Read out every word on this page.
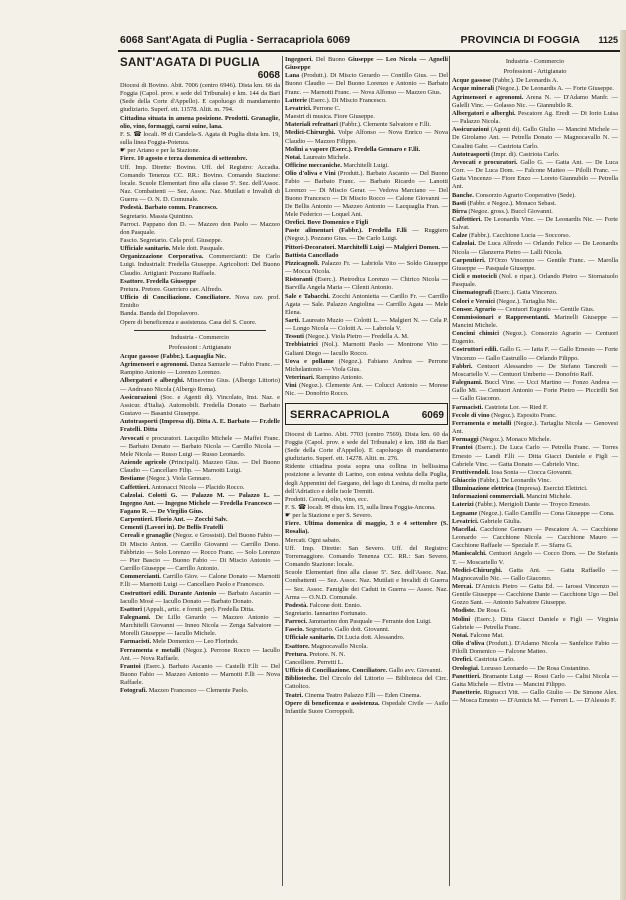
6068 Sant'Agata di Puglia - Serracapriola 6069	PROVINCIA DI FOGGIA 1125
SANT'AGATA DI PUGLIA
6068

Diocesi di Bovino. Abit. 7006 (centro 6946). Dista km. 66 da Foggia (Capol. prov. e sede del Tribunale) e km. 144 da Bari (Sede della Corte d'Appello). E capoluogo di mandamento giudiziario. Superf. ett. 11578. Altit. m. 794.

Cittadina situata in amena posizione. Prodotti. Granaglie, olio, vino, formaggi, carni suine, lana.

F. S. ☎ locali. ✉ di Candela-S. Agata di Puglia dista km. 19, sulla linea Foggia-Potenza.

☛ per Ariano e per la Stazione.

Fiere. 10 agosto e terza domenica di settembre.

Uff. Imp. Dirette: Bovino. Uff. del Registro: Accadia. Comando Tenenza CC. RR.: Bovino. Comando Stazione: locale. Scuole Elementari fino alla classe 5ª. Sez. dell'Assoc. Naz. Combattenti — Sez. Assoc. Naz. Mutilati e Invalidi di Guerra — O. N. D. Comunale.

Podestà. Barbato comm. Francesco.

Segretario. Massia Quintino.

Parroci. Pappano don D. — Mazzeo don Paolo — Mazzeo don Pasquale.

Fascio. Segretario. Cela prof. Giuseppe.

Ufficiale sanitario. Mele dott. Pasquale.

Organizzazione Corporativa. Commercianti: De Carlo Luigi. Industriali: Fredella Giuseppe. Agricoltori: Del Buono Claudio. Artigiani: Pozzano Raffaele.

Esattore. Fredella Giuseppe

Pretura. Pretore. Guerriero cav. Alfredo.

Ufficio di Conciliazione. Conciliatore. Nova cav. prof. Emidio

Banda. Banda del Dopolavoro.

Opere di beneficenza e assistenza. Casa del S. Cuore.

Industria - Commercio

Professioni : Artigianato

Acque gassose (Fabbr.). Laquaglia Nic.

Agrimensori e agronomi. Danza Samuele — Fabio Franc. — Rampino Antonio — Lorenzo Lorenzo.

Albergatori e alberghi. Minervino Gius. (Albergo Littorio) — Andreano Nicola (Albergo Roma).

Assicurazioni (Soc. e Agenti di). Vincolato, Inst. Naz. e Assicur. d'Italia). Automobili. Fredella Donato — Barbato Gustavo — Basanisi Giuseppe.

Autotrasporti (Impresa di). Ditta A. E. Barbato — Fr.delle Fratelli. Ditta

Avvocati e procuratori. Lacquilio Michele — Maffei Franc. — Barbato Donato — Barbato Nicola — Carrillo Nicola — Mele Nicola — Russo Luigi — Russo Leonardo.

Aziende agricole (Principali). Mazzeo Gius. — Del Buono Claudio — Cancellaro Filip. — Marnotti Luigi.

Bestiame (Negoz.). Viola Gennaro.

Caffettieri. Antonacci Nicola — Placido Rocco.

Calzolai. Colotti G. — Palazzo M. — Palazzo L. — Ingegno Ant. — Ingegno Michele — Fredella Francesco — Fagano R. — De Virgilio Gius.

Carpentieri. Florio Ant. — Zocchi Salv.

Cementi (Lavori in). De Bellis Fratelli

Cereali e granaglie (Negoz. e Grossisti). Del Buono Fabio — Di Miscio Anton. — Carrillo Giovanni — Carrillo Dono. Fabbrizio — Solo Lorenzo — Rocco Franc. — Solo Lorenzo — Pier Bascio — Buono Fabio — Di Miscio Antonio — Carrillo Giuseppe — Carrillo Antonio.

Commercianti. Carrillo Giov. — Calone Donato — Marnotti F.lli — Marnotti Luigi — Cancellaro Paolo e Francesco.

Costruttori edili. Durante Antonio — Barbato Ascanio — Iacullo Mosè — Iacullo Donato — Barbato Donato.

Esattori (Appalt., artic. e fornit. per). Fredella Ditta.

Falegnami. De Lillo Gerardo — Mazzeo Antonio — Marchitelli Giovanni — Inneo Nicola — Zenga Salvatore — Morelli Giuseppe — Iacullo Michele.

Farmacisti. Mele Domenico — Leo Florindo.

Ferramenta e metalli (Negoz.). Perrone Rocco — Iacullo Ant. — Nova Raffaele.

Frantoi (Eserc.). Barbato Ascanio — Castelli F.lli — Del Buono Fabio — Mazzeo Antonio — Marnotti F.lli — Nova Raffaele.

Fotografi. Mazzeo Francesco — Clemente Paolo.

Ingegneri. Del Buono Giuseppe — Leo Nicola — Agnelli Giuseppe

Lana (Produtt.). Di Miscio Gerardo — Contillo Gius. — Del Buono Claudio — Del Buono Lorenzo e Antonio — Barbato Franc. — Marnotti Franc. — Nova Alfonso — Mazzeo Gius.

Latterie (Eserc.). Di Miscio Francesco.

Levatrici. Perrone C.

Maestri di musica. Fiore Giuseppe.

Materiali refrattari (Fabbr.). Clemente Salvatore e F.lli.

Medici-Chirurghi. Volpe Alfonso — Nova Enrico — Nova Claudio — Mazzeo Filippo.

Molini a vapore (Eserc.). Fredella Gennaro e F.lli.

Notai. Laureato Michele.

Officine meccaniche. Marchitelli Luigi.

Olio d'oliva e Vini (Produtt.). Barbato Ascanio — Del Buono Fabio — Barbato Franc. — Barbato Ricardo — Lanotti Lorenzo — Di Miscio Gerar. — Vedova Marciano — Del Buono Francesco — Di Miscio Rocco — Calone Giovanni — De Bellis Antonio — Mazzeo Antonio — Lacquaglia Fran. — Mele Federico — Loquel Ant.

Orefici. Bove Domenico e Figli

Paste alimentari (Fabbr.). Fredella F.lli — Ruggiero (Negoz.). Pozzano Gius. — De Carlo Luigi.

Pittori-Decoratori. Marchitelli Luigi — Malgieri Domen. — Battista Cancellado

Pizzicagnoli. Palazzo Fr. — Labriola Vito — Soldo Giuseppe — Mocca Nicola.

Ristoranti (Eserc.). Pietrodica Lorenzo — Chirico Nicola — Barvilla Angela Maria — Cilenti Antonio.

Sale e Tabacchi. Zocchi Antonietta — Carillo Fr. — Carrillo Agata — Sale. Palazzo Angiolina — Carrillo Agata — Mele Elena.

Sarti. Laureato Muzio — Colotti L. — Malgieri N. — Cela P. — Longo Nicola — Colotti A. — Labriola V.

Tessuti (Negoz.). Viola Pietro — Fredella A. M.

Trebbiatrici (Nol.). Marnotti Paolo — Montrone Vito — Galiani Diego — Iacullo Rocco.

Uova e pollame (Negoz.). Fabiano Andrea — Perrone Michelantonio — Viola Gius.

Veterinari. Rampino Antonio.

Vini (Negoz.). Clemente Ant. — Colucci Antonio — Morese Nic. — Donofrio Rocco.

SERRACAPRIOLA	6069

Diocesi di Larino. Abit. 7703 (centro 7569). Dista km. 60 da Foggia (Capol. prov. e sede del Tribunale) e km. 188 da Bari (Sede della Corte d'Appello). E capoluogo di mandamento giudiziario. Superf. ett. 14278. Altit. m. 276.

Ridente cittadina posta sopra una collina in bellissima posizione a levante di Larino, con estesa veduta della Puglia, degli Appennini del Gargano, del lago di Lesina, di molta parte dell'Adriatico e delle isole Tremiti.

Prodotti. Cereali, olio, vino, ecc.

F. S. ☎ locali. ✉ dista km. 15, sulla linea Foggia-Ancona.

☛ per la Stazione e per S. Severo.

Fiere. Ultima domenica di maggio, 3 e 4 settembre (S. Rosalia).

Mercati. Ogni sabato.

Uff. Imp. Dirette: San Severo. Uff. del Registro: Torremaggiore. Comando Tenenza CC. RR.: San Severo. Comando Stazione: locale.

Scuole Elementari fino alla classe 5ª. Sez. dell'Assoc. Naz. Combattenti — Sez. Assoc. Naz. Mutilati e Invalidi di Guerra — Sez. Assoc. Famiglie dei Caduti in Guerra — Assoc. Naz. Arma — O.N.D. Comunale.

Podestà. Falcone dott. Ennio.

Segretario. Iannarino Fortunato.

Parroci. Jammarino don Pasquale — Ferrante don Luigi.

Fascio. Segretario. Gallo dott. Giovanni.

Ufficiale sanitario. Di Lucia dott. Alessandro.

Esattore. Magnocavallo Nicola.

Pretura. Pretore. N. N.

Cancelliere. Perretti L.

Ufficio di Conciliazione. Conciliatore. Gallo avv. Giovanni.

Biblioteche. Del Circolo del Littorio — Biblioteca del Circ. Cattolico.

Teatri. Cinema Teatro Palazzo F.lli — Eden Cinema.

Opere di beneficenza e assistenza. Ospedale Civile — Asilo Infantile Suore Corroppoli.

Industria - Commercio

Professioni - Artigianato

Acque gassose (Fabbr.). De Leonardis A.

Acque minerali (Negoz.). De Leonardis A. — Forte Giuseppe.

Agrimensori e agronomi. Arena N. — D'Adamo Manfr. — Galelli Vinc. — Golasso Nic. — Giannubilo R.

Albergatori e alberghi. Pescatore Ag. Eredi — Di Iorio Luisa — Palazzo Nicola.

Assicurazioni (Agenti di). Gallo Giulio — Mancini Michele — De Girolamo Ant. — Petrella Donato — Magnocavallo N. — Casalini Gabr. — Castriota Carlo.

Autotrasporti (Impr. di). Castriota Carlo.

Avvocati e procuratori. Gallo G. — Gatta Ant. — De Luca Corr. — De Luca Dom. — Falcone Matteo — Pilolli Franc. — Gatta Vincenzo — Fiore Enzo — Loreto Giannubilo — Petrella Ant.

Banche. Consorzio Agrario Cooperativo (Sede).

Basti (Fabbr. e Negoz.). Monaco Sebast.

Birra (Negoz. gross.). Buccl Giovanni.

Caffettieri. De Leonardis Vinc. — De Leonardis Nic. — Forte Salvat.

Calze (Fabbr.). Cacchione Lucia — Soccorso.

Calzolai. De Luca Alfredo — Orlando Felice — De Leonardis Nicola — Glanzerra Pietro — Lalli Nicola.

Carpentieri. D'Orzo Vincenzo — Gentile Franc. — Marolla Giuseppe — Pasquale Giuseppe.

Cicli e motocicli (Nol. e ripar.). Orlando Pietro — Stornaiuolo Pasquale.

Cinematografi (Eserc.). Gatta Vincenzo.

Colori e Vernici (Negoz.). Tartaglia Nic.

Consor. Agrario — Centuori Eugenio — Gentile Gius.

Commissionari e Rappresentanti. Marinelli Giuseppe — Mancini Michele.

Concimi chimici (Negoz.). Consorzio Agrario — Centuori Eugenio.

Costruttori edili. Gallo G. — Iatta F. — Gallo Ernesto — Forte Vincenzo — Gallo Castruillo — Orlando Filippo.

Fabbri. Centuori Alessandro — De Stefano Tancredi — Moscariello V. — Centuori Umberto — Donofrio Raff.

Falegnami. Buccl Vine. — Ucci Martino — Fonzo Andrea — Gallo Mi. — Centuori Antonio — Forte Pietro — Piccirilli Sot — Gallo Giacomo.

Farmacisti. Castriota Lor. — Ried F.

Fecole di vino (Negoz.). Esposito Franc.

Ferramenta e metalli (Negoz.). Tartaglia Nicola — Genovesi Ant.

Formaggi (Negoz.). Monaco Michele.

Frantoi (Eserc.). De Luca Carlo — Petrella Franc. — Torres Ernesto — Landi F.lli — Ditta Giacci Daniele e Figli — Cabriele Vinc. — Gatta Donato — Cabrielo Vinc.

Fruttivendoli. Iosa Sonia — Ciocca Giovanni.

Ghiaccio (Fabbr.). De Leonardis Vinc.

Illuminazione elettrica (Impresa). Esercizi Elettrici.

Informazioni commerciali. Mancini Michele.

Laterizi (Fabbr.). Merigioli Dante — Troyco Ernesto.

Legname (Negoz.). Gallo Camillo — Cona Giuseppe — Cona.

Levatrici. Gabriele Giulia.

Macellai. Cacchione Gennaro — Pescatore A. — Cacchione Leonardo — Cacchione Nicola — Cacchione Mauro — Cacchione Raffaele — Speziale F. — Sfarra G.

Maniscalchi. Centuori Angelo — Cocco Dom. — De Stefanis T. — Moscariello V.

Medici-Chirurghi. Gatta Ant. — Gatta Raffaello — Magnocavallo Nic. — Gallo Giacomo.

Mercai. D'Amicis Pietro — Gatta Ed. — Iarossi Vincenzo — Gentile Giuseppe — Cacchione Dante — Cacchione Ugo — Del Gozzo Sant. — Antonio Salvatore Giuseppe.

Modiste. De Rosa G.

Molini (Eserc.). Ditta Giacci Daniele e Figli — Virginia Gabriele — Petrella Franc.

Notai. Falcone Mat.

Olio d'oliva (Produtt.). D'Adamo Nicola — Sanfelice Fabio — Pilolli Domenico — Falcone Matteo.

Orefici. Castriota Carlo.

Orologiai. Lorusso Leonardo — De Rosa Costantino.

Panettieri. Bramante Luigi — Rossi Carlo — Calisi Nicola — Gatta Michele — Elvira — Mancini Filippo.

Panetterie. Rignacci Vitt. — Gallo Giulio — De Simone Alex. — Mosca Ernesto — D'Amicis M. — Ferreri L. — D'Alessio F.
